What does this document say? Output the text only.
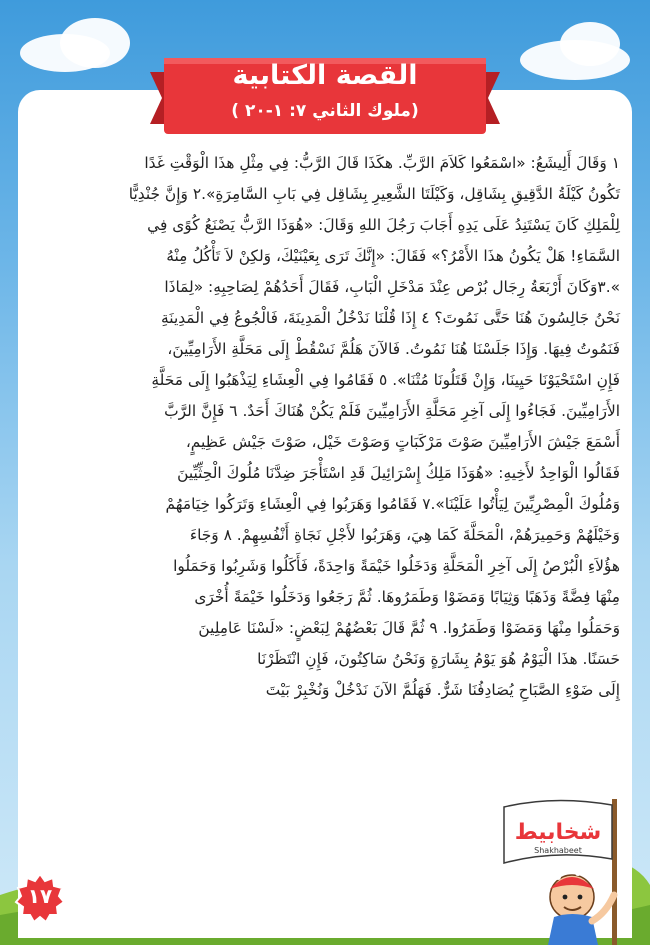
القصة الكتابية
( ملوك الثاني ٧: ١-٢٠)
١ وَقَالَ أَلِيشَعُ: «اسْمَعُوا كَلاَمَ الرَّبِّ. هكَذَا قَالَ الرَّبُّ: فِي مِثْلِ هذَا الْوَقْتِ غَدًا
تَكُونُ كَيْلَةُ الدَّقِيقِ بِشَاقِل، وَكَيْلَتَا الشَّعِيرِ بِشَاقِل فِي بَابِ السَّامِرَةِ».٢ وَإِنَّ جُنْدِيًّا
لِلْمَلِكِ كَانَ يَسْتَنِدُ عَلَى يَدِهِ أَجَابَ رَجُلَ اللهِ وَقَالَ: «هُوَذَا الرَّبُّ يَصْنَعُ كُوًى فِي
السَّمَاءِ! هَلْ يَكُونُ هذَا الأَمْرُ؟» فَقَالَ: «إِنَّكَ تَرَى بِعَيْنَيْكَ، وَلكِنْ لاَ تَأْكُلُ مِنْهُ
».٣وَكَانَ أَرْبَعَةُ رِجَال بُرْص عِنْدَ مَدْخَلِ الْبَابِ، فَقَالَ أَحَدُهُمْ لِصَاحِبِهِ: «لِمَاذَا
نَحْنُ جَالِسُونَ هُنَا حَتَّى نَمُوتَ؟ ٤ إِذَا قُلْنَا نَدْخُلُ الْمَدِينَةَ، فَالْجُوعُ فِي الْمَدِينَةِ
فَنَمُوتُ فِيهَا. وَإِذَا جَلَسْنَا هُنَا نَمُوتُ. فَالآنَ هَلُمَّ نَسْقُطْ إِلَى مَحَلَّةِ الأَرَامِيِّينَ،
فَإِنِ اسْتَحْيَوْنَا حَيِينَا، وَإِنْ قَتَلُونَا مُتْنَا». ٥ فَقَامُوا فِي الْعِشَاءِ لِيَذْهَبُوا إِلَى مَحَلَّةِ
الأَرَامِيِّينَ. فَجَاءُوا إِلَى آخِرِ مَحَلَّةِ الأَرَامِيِّينَ فَلَمْ يَكُنْ هُنَاكَ أَحَدٌ. ٦ فَإِنَّ الرَّبَّ
أَسْمَعَ جَيْشَ الأَرَامِيِّينَ صَوْتَ مَرْكَبَاتٍ وَصَوْتَ خَيْل، صَوْتَ جَيْش عَظِيمٍ،
فَقَالُوا الْوَاحِدُ لأَخِيهِ: «هُوَذَا مَلِكُ إِسْرَائِيلَ قَدِ اسْتَأْجَرَ ضِدَّنَا مُلُوكَ الْحِثِّيِّينَ
وَمُلُوكَ الْمِصْرِيِّينَ لِيَأْتُوا عَلَيْنَا».٧ فَقَامُوا وَهَرَبُوا فِي الْعِشَاءِ وَتَرَكُوا خِيَامَهُمْ
وَخَيْلَهُمْ وَحَمِيرَهُمْ، الْمَحَلَّةَ كَمَا هِيَ، وَهَرَبُوا لأَجْلِ نَجَاةِ أَنْفُسِهِمْ. ٨ وَجَاءَ
هؤُلاَءِ الْبُرْصُ إِلَى آخِرِ الْمَحَلَّةِ وَدَخَلُوا خَيْمَةً وَاحِدَةً، فَأَكَلُوا وَشَرِبُوا وَحَمَلُوا
مِنْهَا فِضَّةً وَذَهَبًا وَثِيَابًا وَمَضَوْا وَطَمَرُوهَا. ثُمَّ رَجَعُوا وَدَخَلُوا خَيْمَةً أُخْرَى
وَحَمَلُوا مِنْهَا وَمَضَوْا وَطَمَرُوا. ٩ ثُمَّ قَالَ بَعْضُهُمْ لِبَعْضٍ: «لَسْنَا عَامِلِينَ
حَسَنًا. هذَا الْيَوْمُ هُوَ يَوْمُ بِشَارَةٍ وَنَحْنُ سَاكِتُونَ، فَإِنِ انْتَظَرْنَا
إِلَى ضَوْءِ الصَّبَاحِ يُصَادِفُنَا شَرٌّ. فَهَلُمَّ الآنَ نَدْخُلْ وَنُخْبِرْ بَيْتَ
شخابيط
Shakhabeet
١٧
